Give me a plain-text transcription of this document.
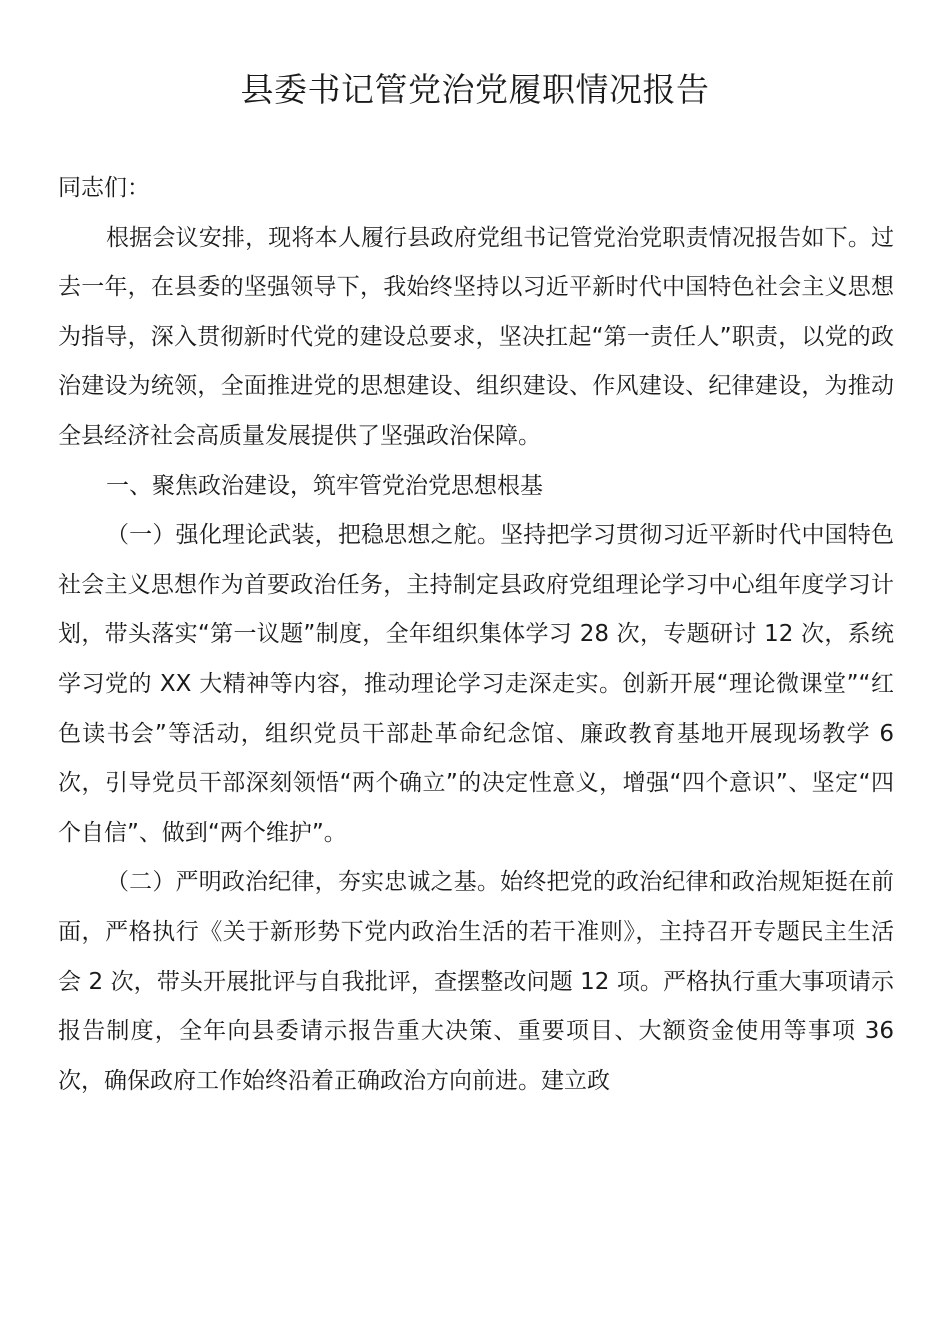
县委书记管党治党履职情况报告

同志们：

根据会议安排，现将本人履行县政府党组书记管党治党职责情况报告如下。过去一年，在县委的坚强领导下，我始终坚持以习近平新时代中国特色社会主义思想为指导，深入贯彻新时代党的建设总要求，坚决扛起“第一责任人”职责，以党的政治建设为统领，全面推进党的思想建设、组织建设、作风建设、纪律建设，为推动全县经济社会高质量发展提供了坚强政治保障。

一、聚焦政治建设，筑牢管党治党思想根基

（一）强化理论武装，把稳思想之舵。坚持把学习贯彻习近平新时代中国特色社会主义思想作为首要政治任务，主持制定县政府党组理论学习中心组年度学习计划，带头落实“第一议题”制度，全年组织集体学习 28 次，专题研讨 12 次，系统学习党的 XX 大精神等内容，推动理论学习走深走实。创新开展“理论微课堂”“红色读书会”等活动，组织党员干部赴革命纪念馆、廉政教育基地开展现场教学 6 次，引导党员干部深刻领悟“两个确立”的决定性意义，增强“四个意识”、坚定“四个自信”、做到“两个维护”。

（二）严明政治纪律，夯实忠诚之基。始终把党的政治纪律和政治规矩挺在前面，严格执行《关于新形势下党内政治生活的若干准则》，主持召开专题民主生活会 2 次，带头开展批评与自我批评，查摆整改问题 12 项。严格执行重大事项请示报告制度，全年向县委请示报告重大决策、重要项目、大额资金使用等事项 36 次，确保政府工作始终沿着正确政治方向前进。建立政
